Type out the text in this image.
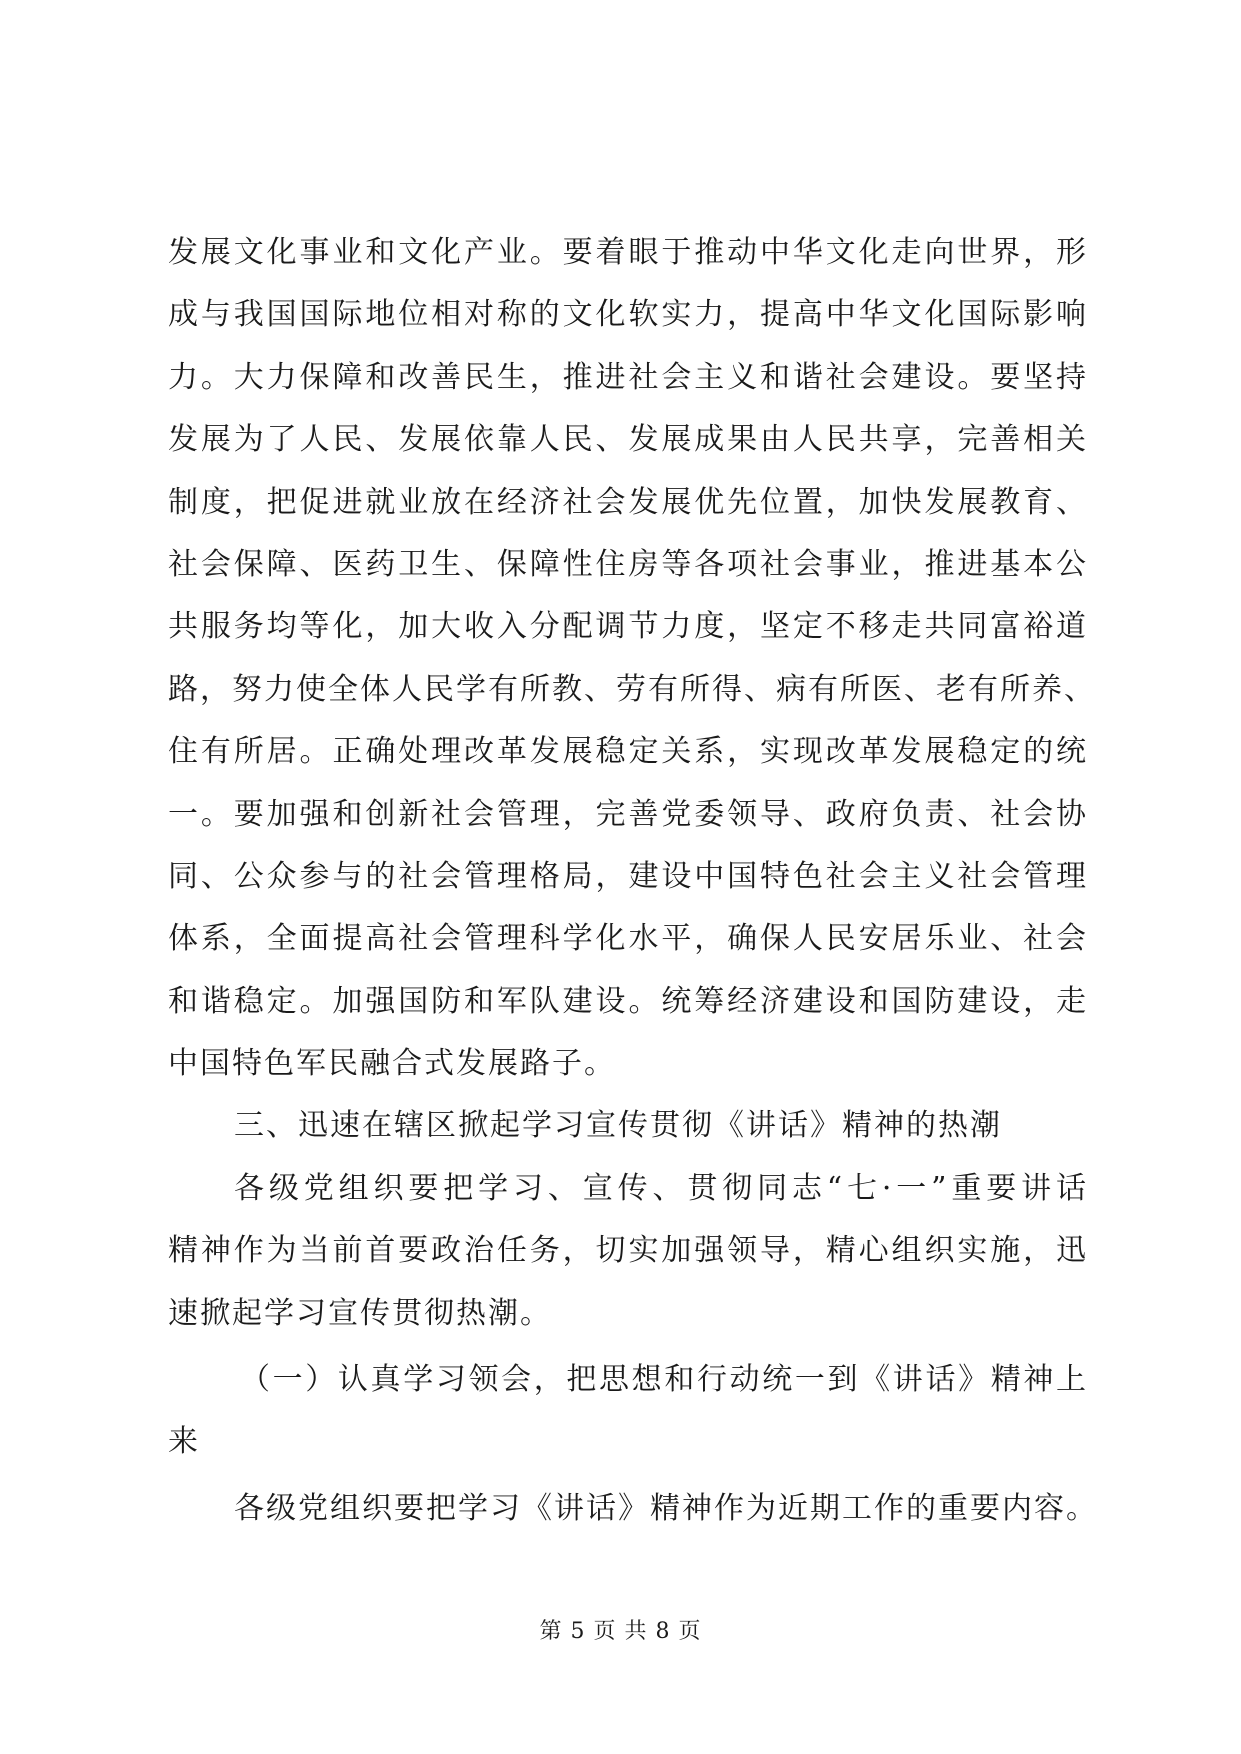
发展文化事业和文化产业。要着眼于推动中华文化走向世界，形
成与我国国际地位相对称的文化软实力，提高中华文化国际影响
力。大力保障和改善民生，推进社会主义和谐社会建设。要坚持
发展为了人民、发展依靠人民、发展成果由人民共享，完善相关
制度，把促进就业放在经济社会发展优先位置，加快发展教育、
社会保障、医药卫生、保障性住房等各项社会事业，推进基本公
共服务均等化，加大收入分配调节力度，坚定不移走共同富裕道
路，努力使全体人民学有所教、劳有所得、病有所医、老有所养、
住有所居。正确处理改革发展稳定关系，实现改革发展稳定的统
一。要加强和创新社会管理，完善党委领导、政府负责、社会协
同、公众参与的社会管理格局，建设中国特色社会主义社会管理
体系，全面提高社会管理科学化水平，确保人民安居乐业、社会
和谐稳定。加强国防和军队建设。统筹经济建设和国防建设，走
中国特色军民融合式发展路子。
三、迅速在辖区掀起学习宣传贯彻《讲话》精神的热潮
各级党组织要把学习、宣传、贯彻同志“七·一”重要讲话
精神作为当前首要政治任务，切实加强领导，精心组织实施，迅
速掀起学习宣传贯彻热潮。
（一）认真学习领会，把思想和行动统一到《讲话》精神上
来
各级党组织要把学习《讲话》精神作为近期工作的重要内容。
第 5 页 共 8 页
